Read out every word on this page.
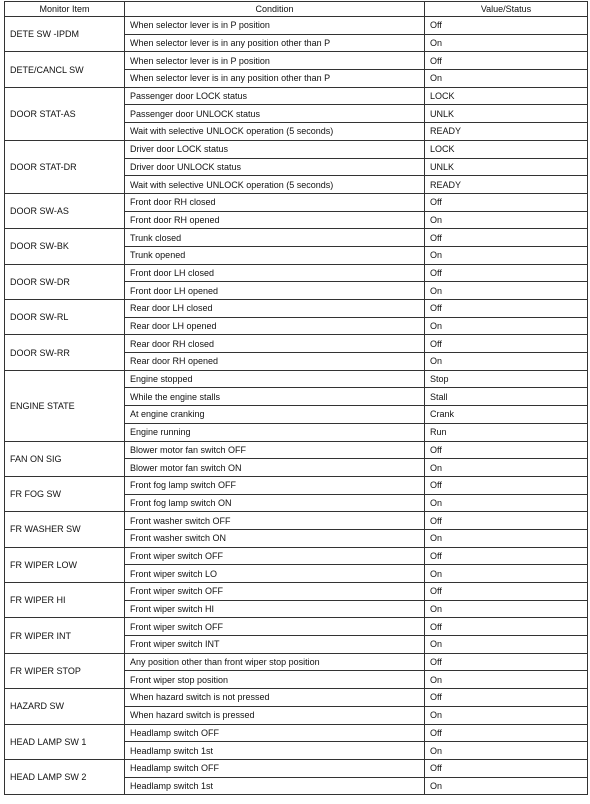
Monitor Item	Condition	Value/Status
DETE SW -IPDM	When selector lever is in P position	Off
	When selector lever is in any position other than P	On
DETE/CANCL SW	When selector lever is in P position	Off
	When selector lever is in any position other than P	On
DOOR STAT-AS	Passenger door LOCK status	LOCK
	Passenger door UNLOCK status	UNLK
	Wait with selective UNLOCK operation (5 seconds)	READY
DOOR STAT-DR	Driver door LOCK status	LOCK
	Driver door UNLOCK status	UNLK
	Wait with selective UNLOCK operation (5 seconds)	READY
DOOR SW-AS	Front door RH closed	Off
	Front door RH opened	On
DOOR SW-BK	Trunk closed	Off
	Trunk opened	On
DOOR SW-DR	Front door LH closed	Off
	Front door LH opened	On
DOOR SW-RL	Rear door LH closed	Off
	Rear door LH opened	On
DOOR SW-RR	Rear door RH closed	Off
	Rear door RH opened	On
ENGINE STATE	Engine stopped	Stop
	While the engine stalls	Stall
	At engine cranking	Crank
	Engine running	Run
FAN ON SIG	Blower motor fan switch OFF	Off
	Blower motor fan switch ON	On
FR FOG SW	Front fog lamp switch OFF	Off
	Front fog lamp switch ON	On
FR WASHER SW	Front washer switch OFF	Off
	Front washer switch ON	On
FR WIPER LOW	Front wiper switch OFF	Off
	Front wiper switch LO	On
FR WIPER HI	Front wiper switch OFF	Off
	Front wiper switch HI	On
FR WIPER INT	Front wiper switch OFF	Off
	Front wiper switch INT	On
FR WIPER STOP	Any position other than front wiper stop position	Off
	Front wiper stop position	On
HAZARD SW	When hazard switch is not pressed	Off
	When hazard switch is pressed	On
HEAD LAMP SW 1	Headlamp switch OFF	Off
	Headlamp switch 1st	On
HEAD LAMP SW 2	Headlamp switch OFF	Off
	Headlamp switch 1st	On
